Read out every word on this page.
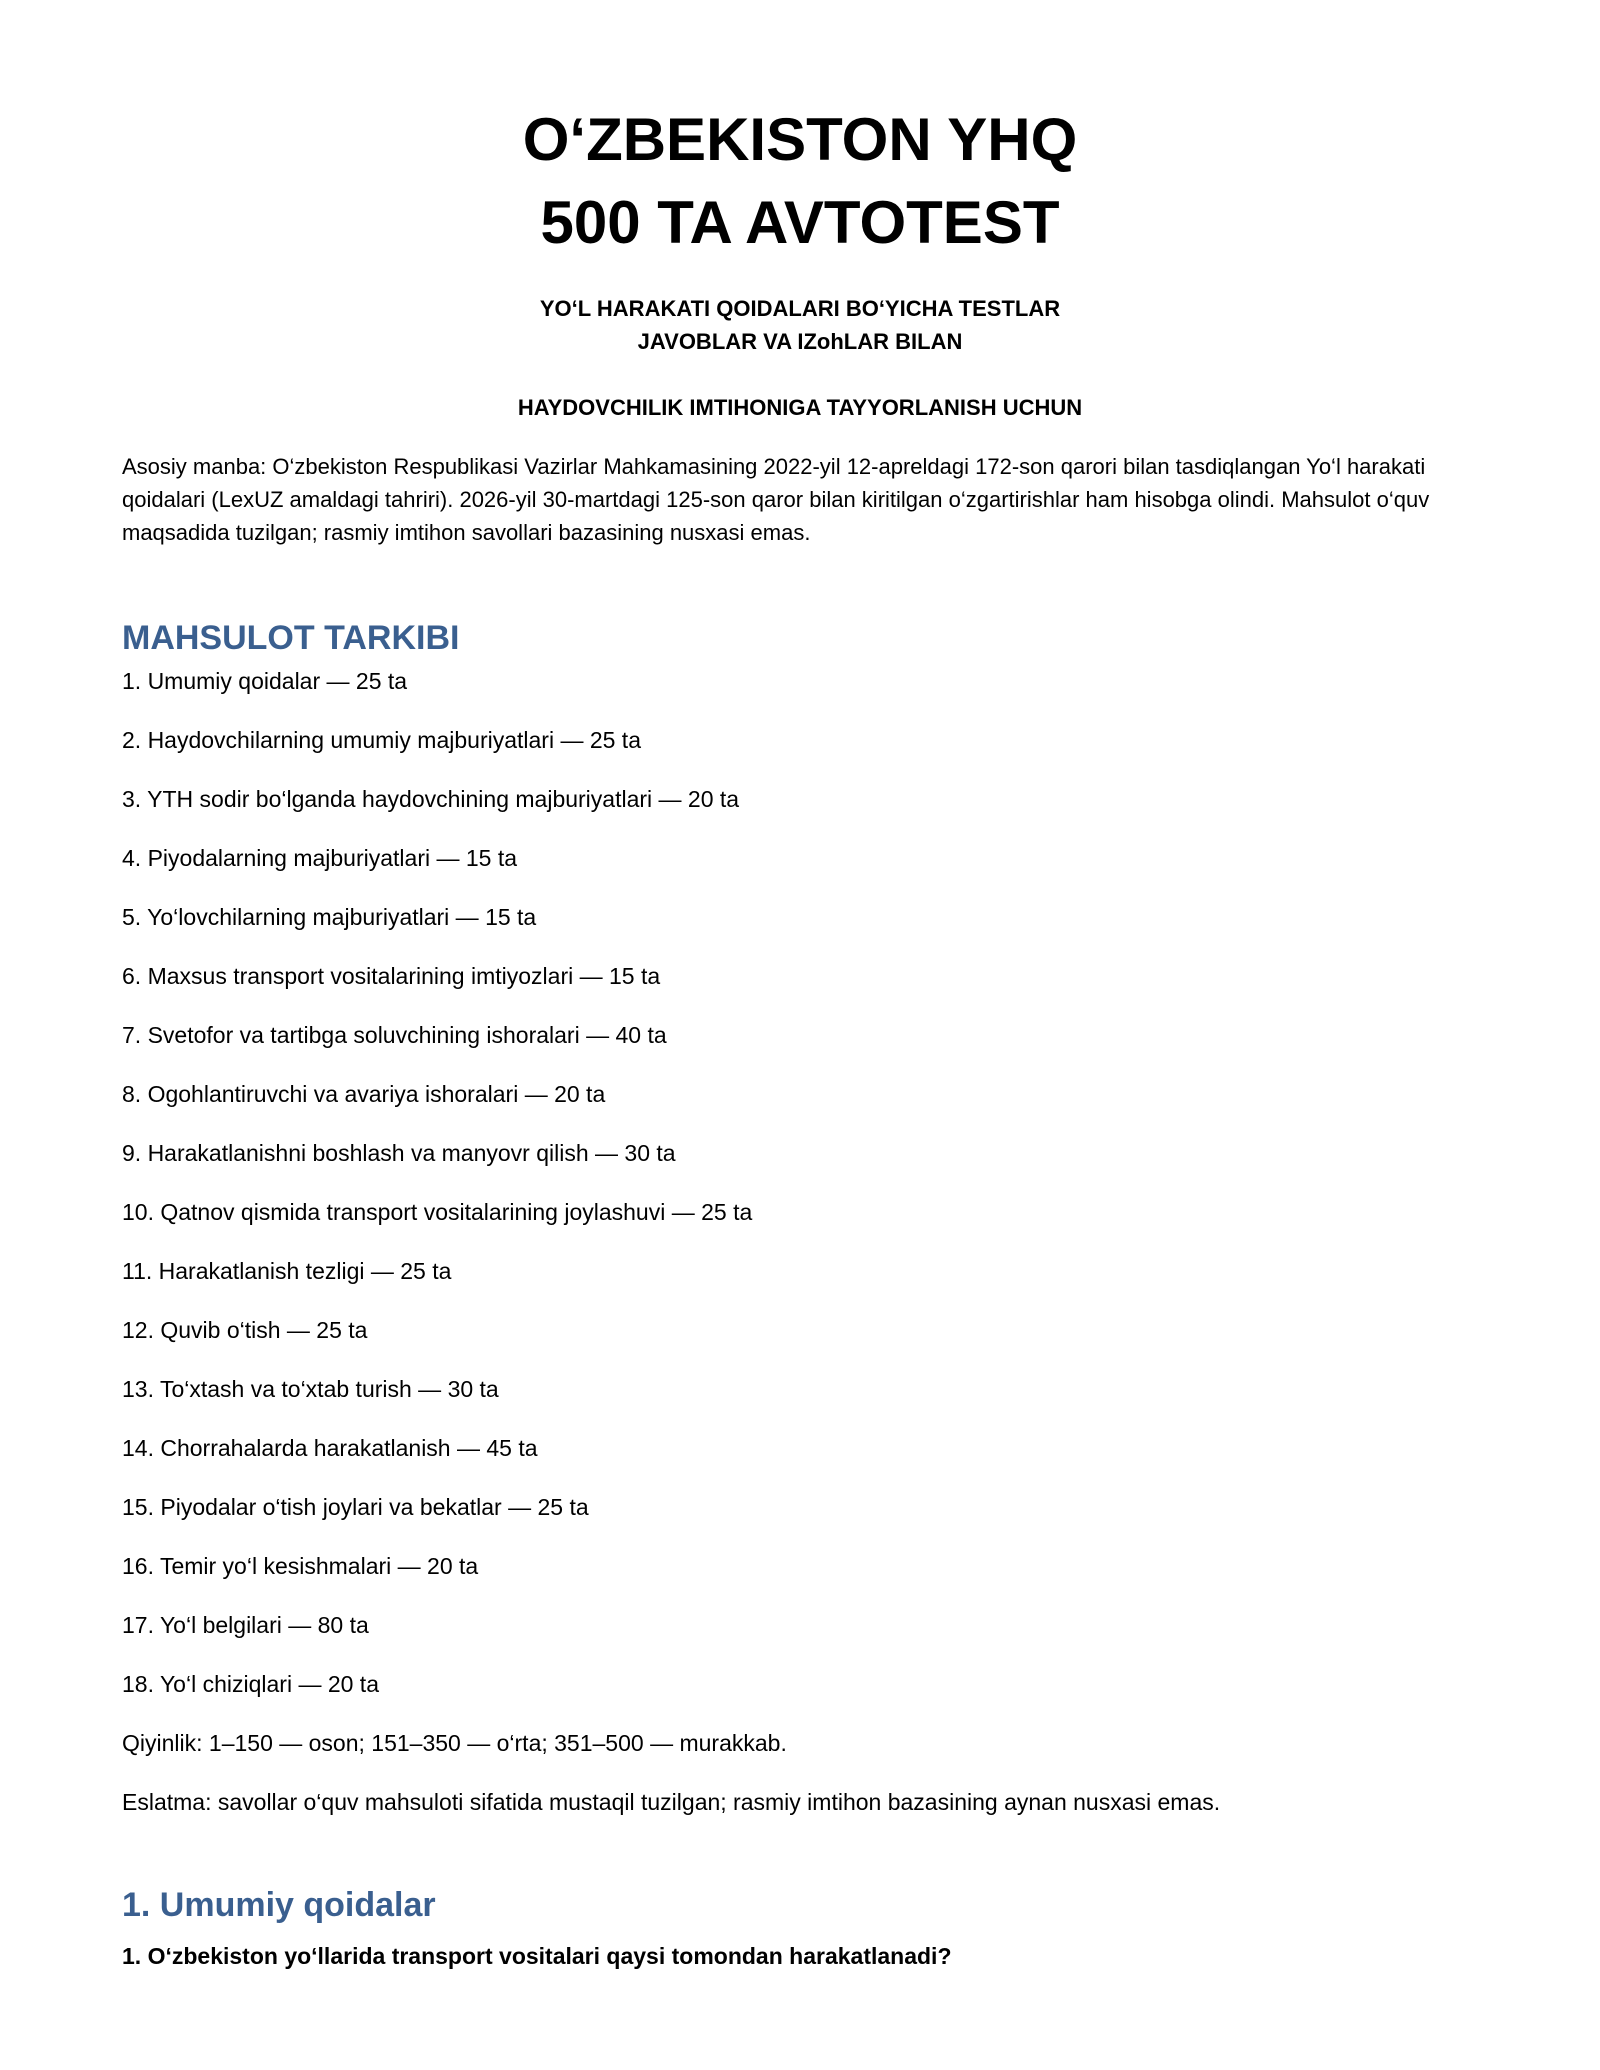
O‘ZBEKISTON YHQ
500 TA AVTOTEST

YO‘L HARAKATI QOIDALARI BO‘YICHA TESTLAR

JAVOBLAR VA IZohLAR BILAN

HAYDOVCHILIK IMTIHONIGA TAYYORLANISH UCHUN

Asosiy manba: O‘zbekiston Respublikasi Vazirlar Mahkamasining 2022-yil 12-apreldagi 172-son qarori bilan tasdiqlangan Yo‘l harakati qoidalari (LexUZ amaldagi tahriri). 2026-yil 30-martdagi 125-son qaror bilan kiritilgan o‘zgartirishlar ham hisobga olindi. Mahsulot o‘quv maqsadida tuzilgan; rasmiy imtihon savollari bazasining nusxasi emas.

MAHSULOT TARKIBI
1. Umumiy qoidalar — 25 ta
2. Haydovchilarning umumiy majburiyatlari — 25 ta
3. YTH sodir bo‘lganda haydovchining majburiyatlari — 20 ta
4. Piyodalarning majburiyatlari — 15 ta
5. Yo‘lovchilarning majburiyatlari — 15 ta
6. Maxsus transport vositalarining imtiyozlari — 15 ta
7. Svetofor va tartibga soluvchining ishoralari — 40 ta
8. Ogohlantiruvchi va avariya ishoralari — 20 ta
9. Harakatlanishni boshlash va manyovr qilish — 30 ta
10. Qatnov qismida transport vositalarining joylashuvi — 25 ta
11. Harakatlanish tezligi — 25 ta
12. Quvib o‘tish — 25 ta
13. To‘xtash va to‘xtab turish — 30 ta
14. Chorrahalarda harakatlanish — 45 ta
15. Piyodalar o‘tish joylari va bekatlar — 25 ta
16. Temir yo‘l kesishmalari — 20 ta
17. Yo‘l belgilari — 80 ta
18. Yo‘l chiziqlari — 20 ta

Qiyinlik: 1–150 — oson; 151–350 — o‘rta; 351–500 — murakkab.

Eslatma: savollar o‘quv mahsuloti sifatida mustaqil tuzilgan; rasmiy imtihon bazasining aynan nusxasi emas.

1. Umumiy qoidalar

1. O‘zbekiston yo‘llarida transport vositalari qaysi tomondan harakatlanadi?
